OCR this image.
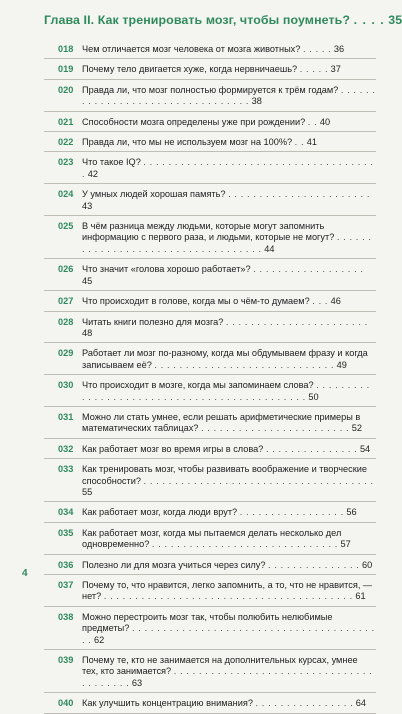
Глава II. Как тренировать мозг, чтобы поумнеть? . . . . 35
018 Чем отличается мозг человека от мозга животных? . . . . . 36
019 Почему тело двигается хуже, когда нервничаешь? . . . . . 37
020 Правда ли, что мозг полностью формируется к трём годам? . . . . . . . . . . . . . . . . . . . . . . . . . . . . . . . . . 38
021 Способности мозга определены уже при рождении? . . 40
022 Правда ли, что мы не используем мозг на 100%? . . 41
023 Что такое IQ? . . . . . . . . . . . . . . . . . . . . . . . . . . . . . . . . . . . . . . 42
024 У умных людей хорошая память? . . . . . . . . . . . . . . . . . . . . . . . 43
025 В чём разница между людьми, которые могут запомнить информацию с первого раза, и людьми, которые не могут? . . . . . . . . . . . . . . . . . . . . . . . . . . . . . . . . . . . 44
026 Что значит «голова хорошо работает»? . . . . . . . . . . . . . . . . . . 45
027 Что происходит в голове, когда мы о чём-то думаем? . . . 46
028 Читать книги полезно для мозга? . . . . . . . . . . . . . . . . . . . . . . . 48
029 Работает ли мозг по-разному, когда мы обдумываем фразу и когда записываем её? . . . . . . . . . . . . . . . . . . . . . . . . . . . . . 49
030 Что происходит в мозге, когда мы запоминаем слова? . . . . . . . . . . . . . . . . . . . . . . . . . . . . . . . . . . . . . . . . . . . . . 50
031 Можно ли стать умнее, если решать арифметические примеры в математических таблицах? . . . . . . . . . . . . . . . . . . . . . . . . 52
032 Как работает мозг во время игры в слова? . . . . . . . . . . . . . . . 54
033 Как тренировать мозг, чтобы развивать воображение и творческие способности? . . . . . . . . . . . . . . . . . . . . . . . . . . . . . . . . . . . . . 55
034 Как работает мозг, когда люди врут? . . . . . . . . . . . . . . . . . 56
035 Как работает мозг, когда мы пытаемся делать несколько дел одновременно? . . . . . . . . . . . . . . . . . . . . . . . . . . . . . . 57
036 Полезно ли для мозга учиться через силу? . . . . . . . . . . . . . . . 60
037 Почему то, что нравится, легко запомнить, а то, что не нравится, — нет? . . . . . . . . . . . . . . . . . . . . . . . . . . . . . . . . . . . . . . . . 61
038 Можно перестроить мозг так, чтобы полюбить нелюбимые предметы? . . . . . . . . . . . . . . . . . . . . . . . . . . . . . . . . . . . . . . . . . 62
039 Почему те, кто не занимается на дополнительных курсах, умнее тех, кто занимается? . . . . . . . . . . . . . . . . . . . . . . . . . . . . . . . . . . . . . . . . 63
040 Как улучшить концентрацию внимания? . . . . . . . . . . . . . . . . 64
4
